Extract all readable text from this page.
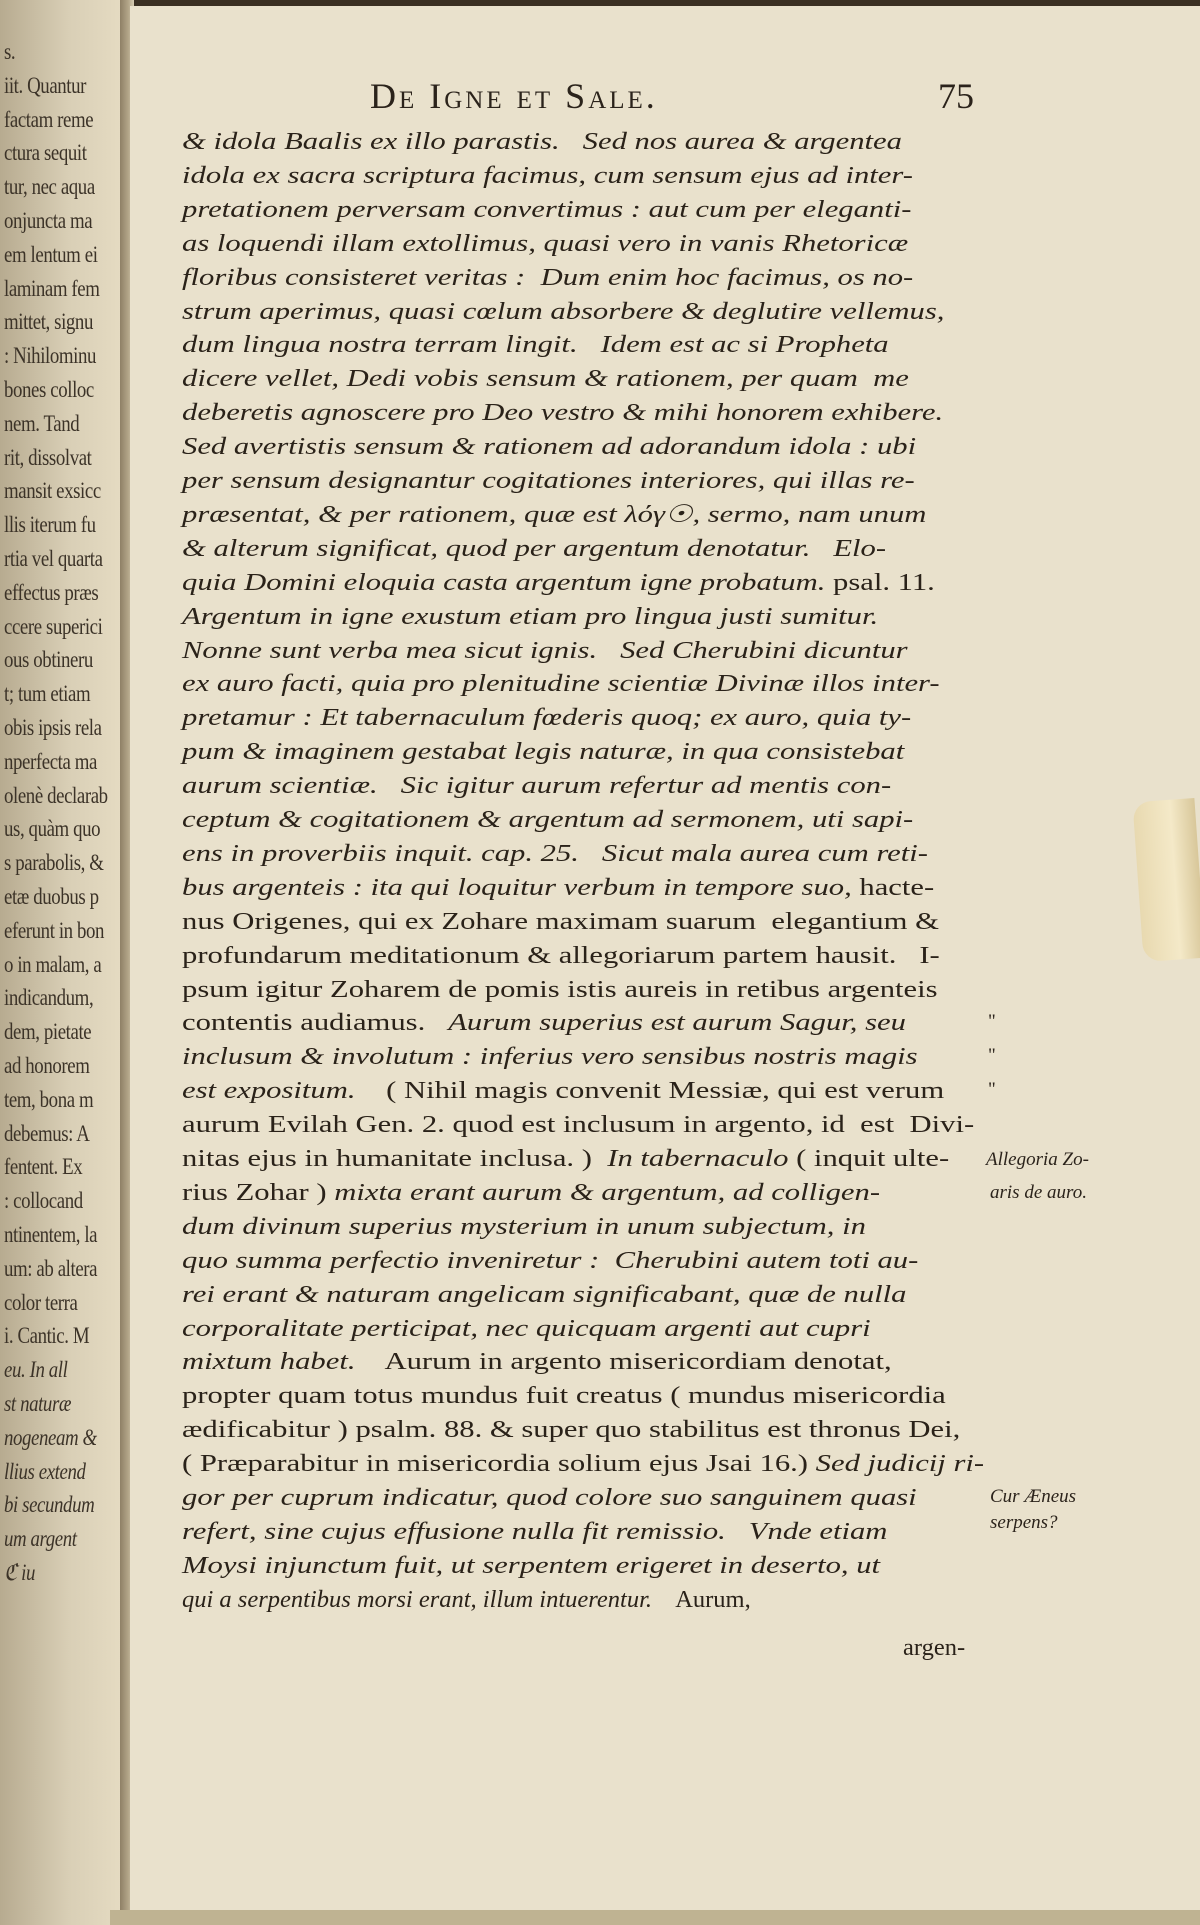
s.
iit. Quantur
factam reme
ctura sequit
tur, nec aqua
onjuncta ma
em lentum ei
laminam fem
mittet, signu
: Nihilominu
bones colloc
nem. Tand
rit, dissolvat
mansit exsicc
llis iterum fu
rtia vel quarta
effectus præs
ccere superici
ous obtineru
t; tum etiam
obis ipsis rela
nperfecta ma
olenè declarab
us, quàm quo
s parabolis, &
etæ duobus p
eferunt in bon
o in malam, a
indicandum,
dem, pietate
ad honorem
tem, bona m
debemus: A
fentent. Ex
: collocand
ntinentem, la
um: ab altera
color terra
i. Cantic. M
eu. In all
st naturæ
nogeneam &
llius extend
bi secundum
um argent
ℭ iu
De Igne et Sale.	75
& idola Baalis ex illo parastis.   Sed nos aurea & argentea
idola ex sacra scriptura facimus, cum sensum ejus ad inter-
pretationem perversam convertimus : aut cum per eleganti-
as loquendi illam extollimus, quasi vero in vanis Rhetoricæ
floribus consisteret veritas :  Dum enim hoc facimus, os no-
strum aperimus, quasi cœlum absorbere & deglutire vellemus,
dum lingua nostra terram lingit.   Idem est ac si Propheta
dicere vellet, Dedi vobis sensum & rationem, per quam  me
deberetis agnoscere pro Deo vestro & mihi honorem exhibere.
Sed avertistis sensum & rationem ad adorandum idola : ubi
per sensum designantur cogitationes interiores, qui illas re-
præsentat, & per rationem, quæ est λόγ☉, sermo, nam unum
& alterum significat, quod per argentum denotatur.   Elo-
quia Domini eloquia casta argentum igne probatum. psal. 11.
Argentum in igne exustum etiam pro lingua justi sumitur.
Nonne sunt verba mea sicut ignis.   Sed Cherubini dicuntur
ex auro facti, quia pro plenitudine scientiæ Divinæ illos inter-
pretamur : Et tabernaculum fœderis quoq; ex auro, quia ty-
pum & imaginem gestabat legis naturæ, in qua consistebat
aurum scientiæ.   Sic igitur aurum refertur ad mentis con-
ceptum & cogitationem & argentum ad sermonem, uti sapi-
ens in proverbiis inquit. cap. 25.   Sicut mala aurea cum reti-
bus argenteis : ita qui loquitur verbum in tempore suo, hacte-
nus Origenes, qui ex Zohare maximam suarum  elegantium &
profundarum meditationum & allegoriarum partem hausit.   I-
psum igitur Zoharem de pomis istis aureis in retibus argenteis
contentis audiamus.   Aurum superius est aurum Sagur, seu
inclusum & involutum : inferius vero sensibus nostris magis
est expositum.    ( Nihil magis convenit Messiæ, qui est verum
aurum Evilah Gen. 2. quod est inclusum in argento, id  est  Divi-
nitas ejus in humanitate inclusa. )  In tabernaculo ( inquit ulte-
rius Zohar ) mixta erant aurum & argentum, ad colligen-
dum divinum superius mysterium in unum subjectum, in
quo summa perfectio inveniretur :  Cherubini autem toti au-
rei erant & naturam angelicam significabant, quæ de nulla
corporalitate perticipat, nec quicquam argenti aut cupri
mixtum habet.    Aurum in argento misericordiam denotat,
propter quam totus mundus fuit creatus ( mundus misericordia
ædificabitur ) psalm. 88. & super quo stabilitus est thronus Dei,
( Præparabitur in misericordia solium ejus Jsai 16.) Sed judicij ri-
gor per cuprum indicatur, quod colore suo sanguinem quasi
refert, sine cujus effusione nulla fit remissio.   Vnde etiam
Moysi injunctum fuit, ut serpentem erigeret in deserto, ut
qui a serpentibus morsi erant, illum intuerentur.    Aurum,
argen-
Allegoria Zo-
aris de auro.
Cur Æneus
serpens?
"
"
"
